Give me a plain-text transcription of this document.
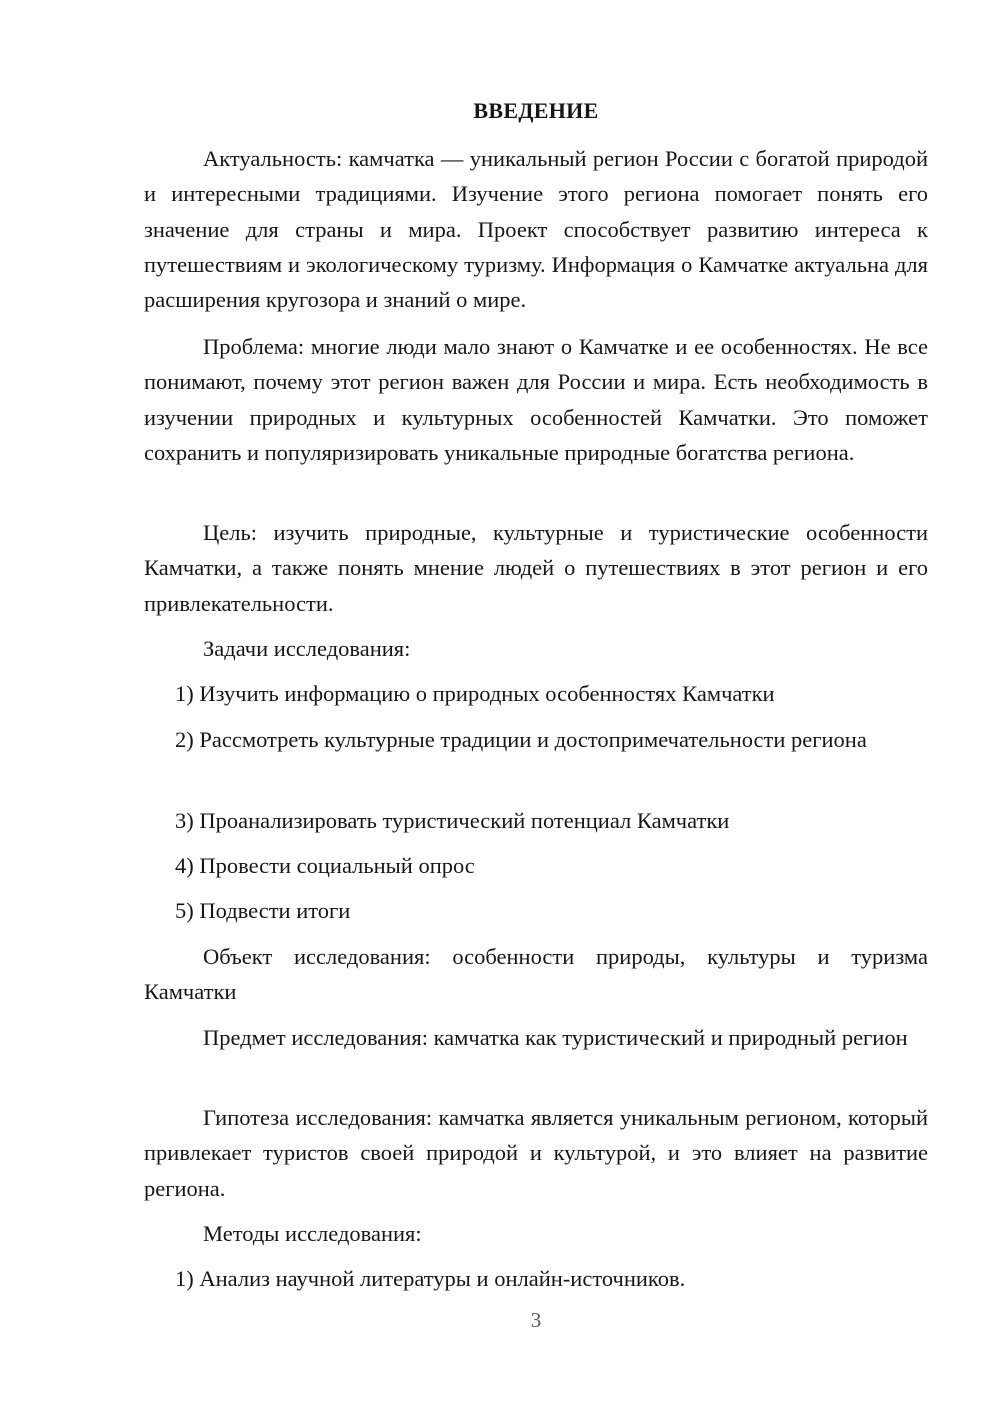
ВВЕДЕНИЕ

Актуальность: камчатка — уникальный регион России с богатой природой и интересными традициями. Изучение этого региона помогает понять его значение для страны и мира. Проект способствует развитию интереса к путешествиям и экологическому туризму. Информация о Камчатке актуальна для расширения кругозора и знаний о мире.

Проблема: многие люди мало знают о Камчатке и ее особенностях. Не все понимают, почему этот регион важен для России и мира. Есть необходимость в изучении природных и культурных особенностей Камчатки. Это поможет сохранить и популяризировать уникальные природные богатства региона.

Цель: изучить природные, культурные и туристические особенности Камчатки, а также понять мнение людей о путешествиях в этот регион и его привлекательности.

Задачи исследования:

1) Изучить информацию о природных особенностях Камчатки

2) Рассмотреть культурные традиции и достопримечательности региона

3) Проанализировать туристический потенциал Камчатки

4) Провести социальный опрос

5) Подвести итоги

Объект исследования: особенности природы, культуры и туризма Камчатки

Предмет исследования: камчатка как туристический и природный регион

Гипотеза исследования: камчатка является уникальным регионом, который привлекает туристов своей природой и культурой, и это влияет на развитие региона.

Методы исследования:

1) Анализ научной литературы и онлайн-источников.

3
